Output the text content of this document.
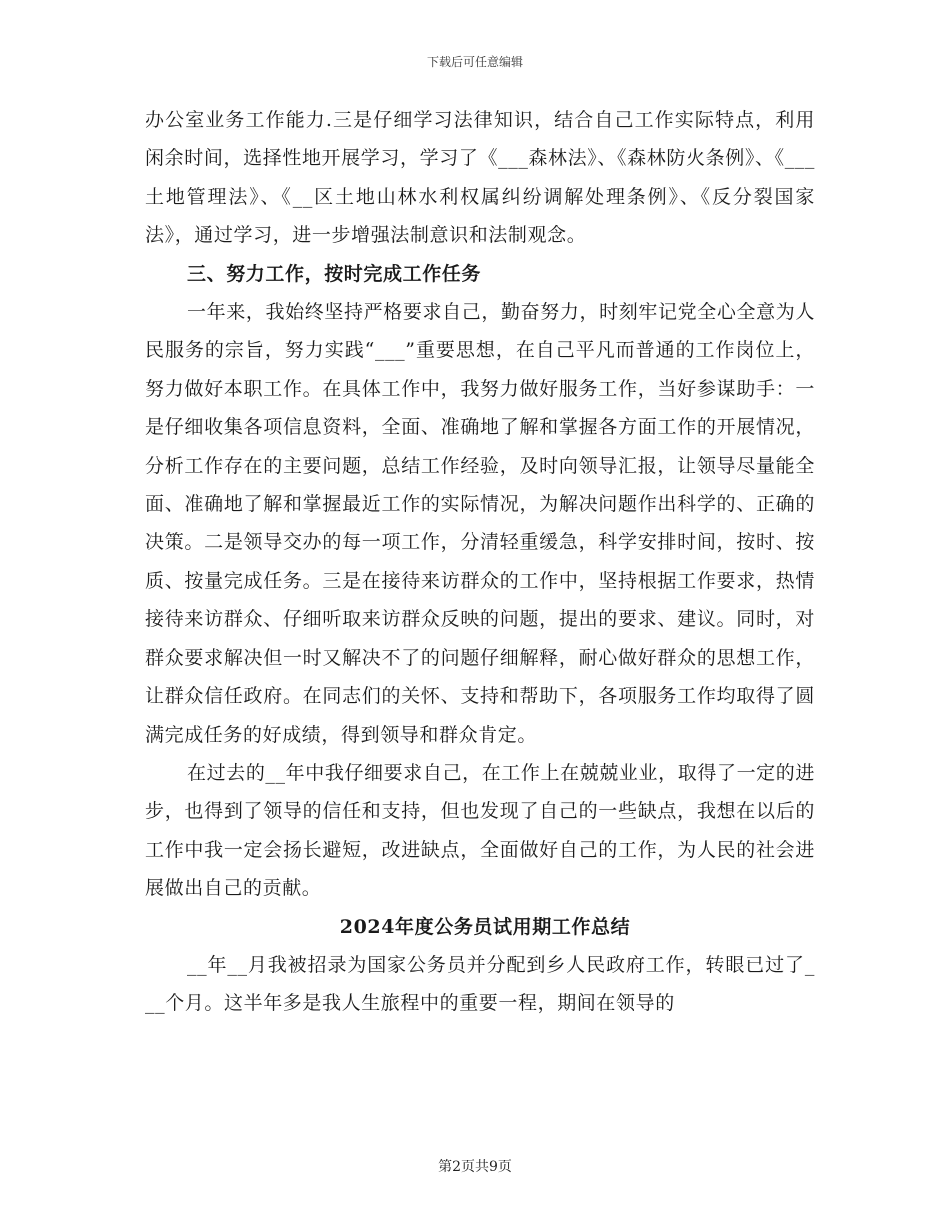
下载后可任意编辑

办公室业务工作能力.三是仔细学习法律知识，结合自己工作实际特点，利用闲余时间，选择性地开展学习，学习了《___森林法》、《森林防火条例》、《___土地管理法》、《__区土地山林水利权属纠纷调解处理条例》、《反分裂国家法》，通过学习，进一步增强法制意识和法制观念。

三、努力工作，按时完成工作任务

一年来，我始终坚持严格要求自己，勤奋努力，时刻牢记党全心全意为人民服务的宗旨，努力实践“___”重要思想，在自己平凡而普通的工作岗位上，努力做好本职工作。在具体工作中，我努力做好服务工作，当好参谋助手：一是仔细收集各项信息资料，全面、准确地了解和掌握各方面工作的开展情况，分析工作存在的主要问题，总结工作经验，及时向领导汇报，让领导尽量能全面、准确地了解和掌握最近工作的实际情况，为解决问题作出科学的、正确的决策。二是领导交办的每一项工作，分清轻重缓急，科学安排时间，按时、按质、按量完成任务。三是在接待来访群众的工作中，坚持根据工作要求，热情接待来访群众、仔细听取来访群众反映的问题，提出的要求、建议。同时，对群众要求解决但一时又解决不了的问题仔细解释，耐心做好群众的思想工作，让群众信任政府。在同志们的关怀、支持和帮助下，各项服务工作均取得了圆满完成任务的好成绩，得到领导和群众肯定。

在过去的__年中我仔细要求自己，在工作上在兢兢业业，取得了一定的进步，也得到了领导的信任和支持，但也发现了自己的一些缺点，我想在以后的工作中我一定会扬长避短，改进缺点，全面做好自己的工作，为人民的社会进展做出自己的贡献。

2024年度公务员试用期工作总结

__年__月我被招录为国家公务员并分配到乡人民政府工作，转眼已过了___个月。这半年多是我人生旅程中的重要一程，期间在领导的

第2页共9页
